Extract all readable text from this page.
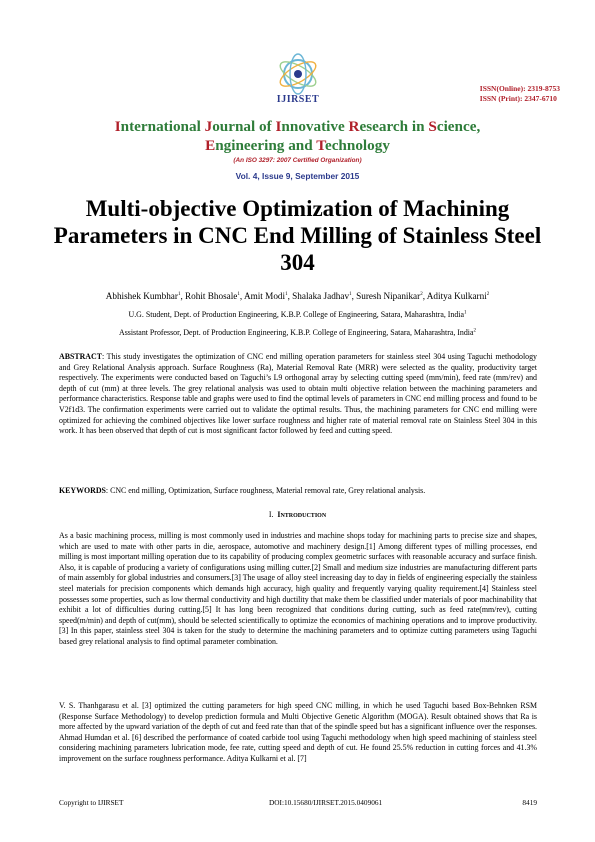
IJIRSET
ISSN(Online): 2319-8753
ISSN (Print): 2347-6710
International Journal of Innovative Research in Science,
Engineering and Technology
(An ISO 3297: 2007 Certified Organization)
Vol. 4, Issue 9, September 2015
Multi-objective Optimization of Machining Parameters in CNC End Milling of Stainless Steel 304
Abhishek Kumbhar$^1$, Rohit Bhosale$^1$, Amit Modi$^1$, Shalaka Jadhav$^1$, Suresh Nipanikar$^2$, Aditya Kulkarni$^2$
U.G. Student, Dept. of Production Engineering, K.B.P. College of Engineering, Satara, Maharashtra, India$^1$
Assistant Professor, Dept. of Production Engineering, K.B.P. College of Engineering, Satara, Maharashtra, India$^2$
ABSTRACT: This study investigates the optimization of CNC end milling operation parameters for stainless steel 304 using Taguchi methodology and Grey Relational Analysis approach. Surface Roughness (Ra), Material Removal Rate (MRR) were selected as the quality, productivity target respectively. The experiments were conducted based on Taguchi’s L9 orthogonal array by selecting cutting speed (mm/min), feed rate (mm/rev) and depth of cut (mm) at three levels. The grey relational analysis was used to obtain multi objective relation between the machining parameters and performance characteristics. Response table and graphs were used to find the optimal levels of parameters in CNC end milling process and found to be V2f1d3. The confirmation experiments were carried out to validate the optimal results. Thus, the machining parameters for CNC end milling were optimized for achieving the combined objectives like lower surface roughness and higher rate of material removal rate on Stainless Steel 304 in this work. It has been observed that depth of cut is most significant factor followed by feed and cutting speed.
KEYWORDS: CNC end milling, Optimization, Surface roughness, Material removal rate, Grey relational analysis.
I. Introduction
As a basic machining process, milling is most commonly used in industries and machine shops today for machining parts to precise size and shapes, which are used to mate with other parts in die, aerospace, automotive and machinery design.[1] Among different types of milling processes, end milling is most important milling operation due to its capability of producing complex geometric surfaces with reasonable accuracy and surface finish. Also, it is capable of producing a variety of configurations using milling cutter.[2] Small and medium size industries are manufacturing different parts of main assembly for global industries and consumers.[3] The usage of alloy steel increasing day to day in fields of engineering especially the stainless steel materials for precision components which demands high accuracy, high quality and frequently varying quality requirement.[4] Stainless steel possesses some properties, such as low thermal conductivity and high ductility that make them be classified under materials of poor machinability that exhibit a lot of difficulties during cutting.[5] It has long been recognized that conditions during cutting, such as feed rate(mm/rev), cutting speed(m/min) and depth of cut(mm), should be selected scientifically to optimize the economics of machining operations and to improve productivity.[3] In this paper, stainless steel 304 is taken for the study to determine the machining parameters and to optimize cutting parameters using Taguchi based grey relational analysis to find optimal parameter combination.
V. S. Thanhgarasu et al. [3] optimized the cutting parameters for high speed CNC milling, in which he used Taguchi based Box-Behnken RSM (Response Surface Methodology) to develop prediction formula and Multi Objective Genetic Algorithm (MOGA). Result obtained shows that Ra is more affected by the upward variation of the depth of cut and feed rate than that of the spindle speed but has a significant influence over the responses. Ahmad Humdan et al. [6] described the performance of coated carbide tool using Taguchi methodology when high speed machining of stainless steel considering machining parameters lubrication mode, fee rate, cutting speed and depth of cut. He found 25.5% reduction in cutting forces and 41.3% improvement on the surface roughness performance. Aditya Kulkarni et al. [7]
Copyright to IJIRSET	DOI:10.15680/IJIRSET.2015.0409061	8419
